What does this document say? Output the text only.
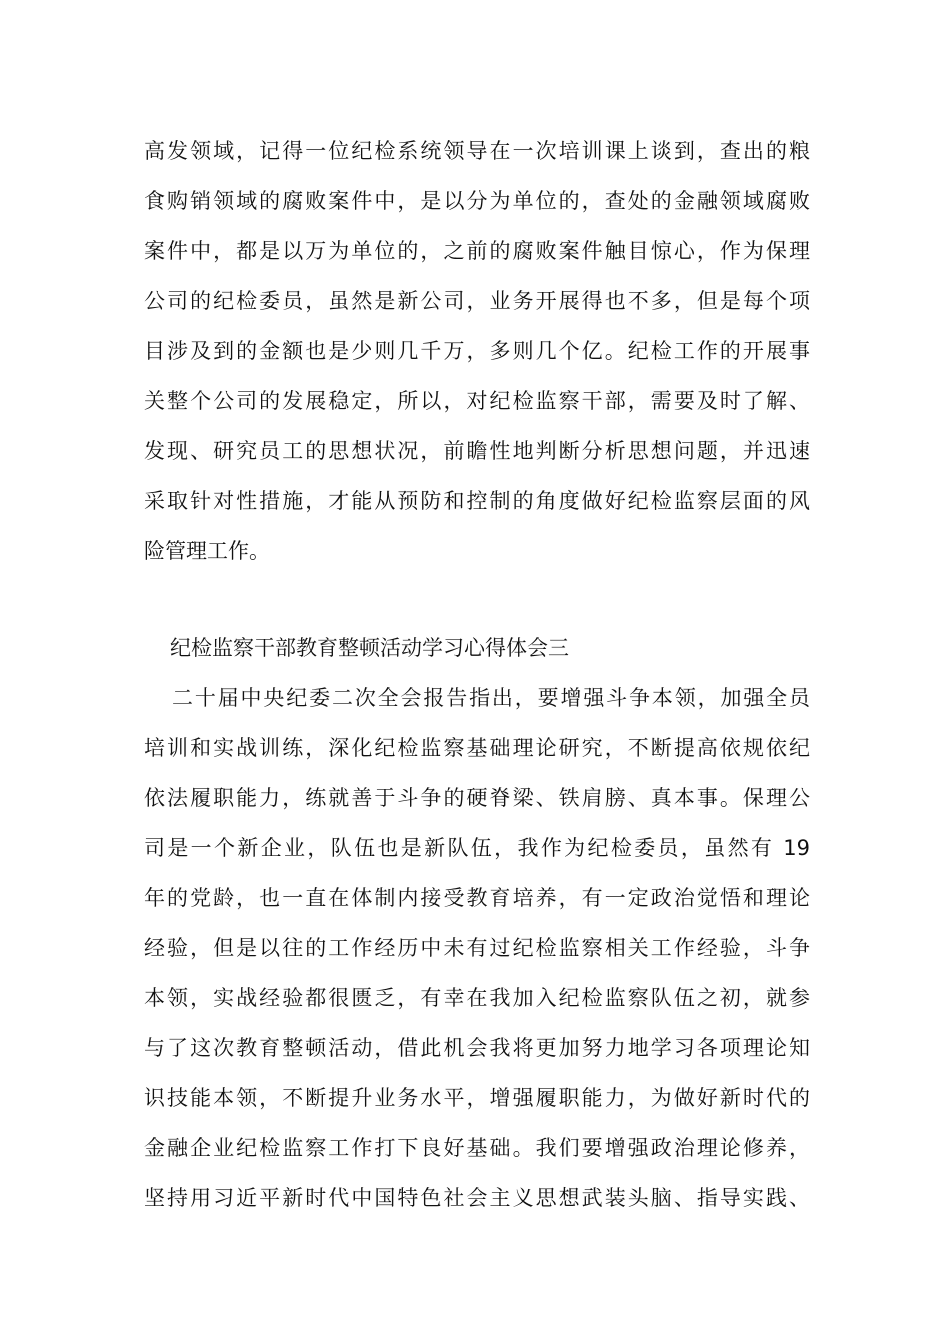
高发领域，记得一位纪检系统领导在一次培训课上谈到，查出的粮
食购销领域的腐败案件中，是以分为单位的，查处的金融领域腐败
案件中，都是以万为单位的，之前的腐败案件触目惊心，作为保理
公司的纪检委员，虽然是新公司，业务开展得也不多，但是每个项
目涉及到的金额也是少则几千万，多则几个亿。纪检工作的开展事
关整个公司的发展稳定，所以，对纪检监察干部，需要及时了解、
发现、研究员工的思想状况，前瞻性地判断分析思想问题，并迅速
采取针对性措施，才能从预防和控制的角度做好纪检监察层面的风
险管理工作。
纪检监察干部教育整顿活动学习心得体会三
二十届中央纪委二次全会报告指出，要增强斗争本领，加强全员
培训和实战训练，深化纪检监察基础理论研究，不断提高依规依纪
依法履职能力，练就善于斗争的硬脊梁、铁肩膀、真本事。保理公
司是一个新企业，队伍也是新队伍，我作为纪检委员，虽然有 19
年的党龄，也一直在体制内接受教育培养，有一定政治觉悟和理论
经验，但是以往的工作经历中未有过纪检监察相关工作经验，斗争
本领，实战经验都很匮乏，有幸在我加入纪检监察队伍之初，就参
与了这次教育整顿活动，借此机会我将更加努力地学习各项理论知
识技能本领，不断提升业务水平，增强履职能力，为做好新时代的
金融企业纪检监察工作打下良好基础。我们要增强政治理论修养，
坚持用习近平新时代中国特色社会主义思想武装头脑、指导实践、
